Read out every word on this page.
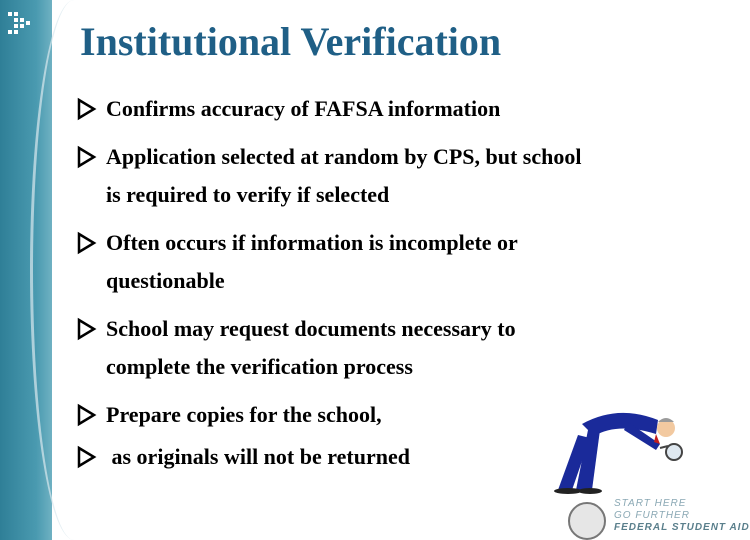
Institutional Verification
Confirms accuracy of FAFSA information
Application selected at random by CPS, but school
is required to verify if selected
Often occurs if information is incomplete or
questionable
School may request documents necessary to
complete the verification process
Prepare copies for the school,
as originals will not be returned
START HERE
GO FURTHER
FEDERAL STUDENT AID
